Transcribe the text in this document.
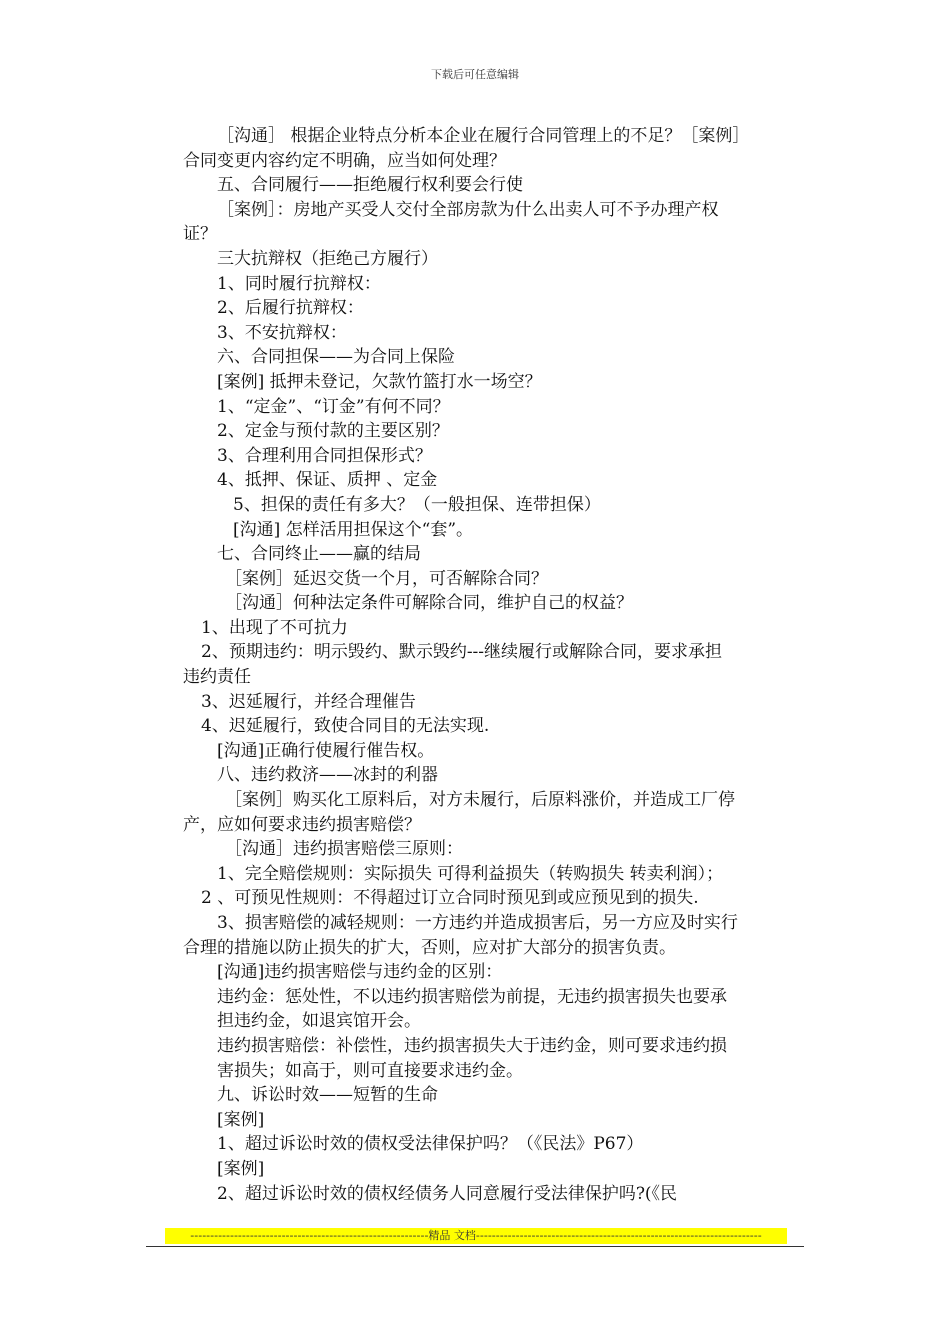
下载后可任意编辑
［沟通］ 根据企业特点分析本企业在履行合同管理上的不足？［案例］
合同变更内容约定不明确，应当如何处理？
五、合同履行——拒绝履行权利要会行使
［案例］：房地产买受人交付全部房款为什么出卖人可不予办理产权
证？
三大抗辩权（拒绝己方履行）
1、同时履行抗辩权：
2、后履行抗辩权：
3、不安抗辩权：
六、合同担保——为合同上保险
[案例] 抵押未登记，欠款竹篮打水一场空？
1、“定金”、“订金”有何不同？
2、定金与预付款的主要区别？
3、合理利用合同担保形式？
4、抵押、保证、质押 、定金
5、担保的责任有多大？（一般担保、连带担保）
[沟通] 怎样活用担保这个“套”。
七、合同终止——赢的结局
［案例］延迟交货一个月，可否解除合同？
［沟通］何种法定条件可解除合同，维护自己的权益？
1、出现了不可抗力
2、预期违约：明示毁约、默示毁约---继续履行或解除合同，要求承担
违约责任
3、迟延履行，并经合理催告
4、迟延履行，致使合同目的无法实现.
[沟通]正确行使履行催告权。
八、违约救济——冰封的利器
［案例］购买化工原料后，对方未履行，后原料涨价，并造成工厂停
产，应如何要求违约损害赔偿？
［沟通］违约损害赔偿三原则：
1、完全赔偿规则：实际损失 可得利益损失（转购损失 转卖利润）；
2 、可预见性规则：不得超过订立合同时预见到或应预见到的损失.
3、损害赔偿的减轻规则：一方违约并造成损害后，另一方应及时实行
合理的措施以防止损失的扩大，否则，应对扩大部分的损害负责。
[沟通]违约损害赔偿与违约金的区别：
违约金：惩处性，不以违约损害赔偿为前提，无违约损害损失也要承
担违约金，如退宾馆开会。
违约损害赔偿：补偿性，违约损害损失大于违约金，则可要求违约损
害损失；如高于，则可直接要求违约金。
九、诉讼时效——短暂的生命
[案例]
1、超过诉讼时效的债权受法律保护吗？（《民法》P67）
[案例]
2、超过诉讼时效的债权经债务人同意履行受法律保护吗?(《民
------------------------------------------------------------精品 文档------------------------------------------------------------------------
